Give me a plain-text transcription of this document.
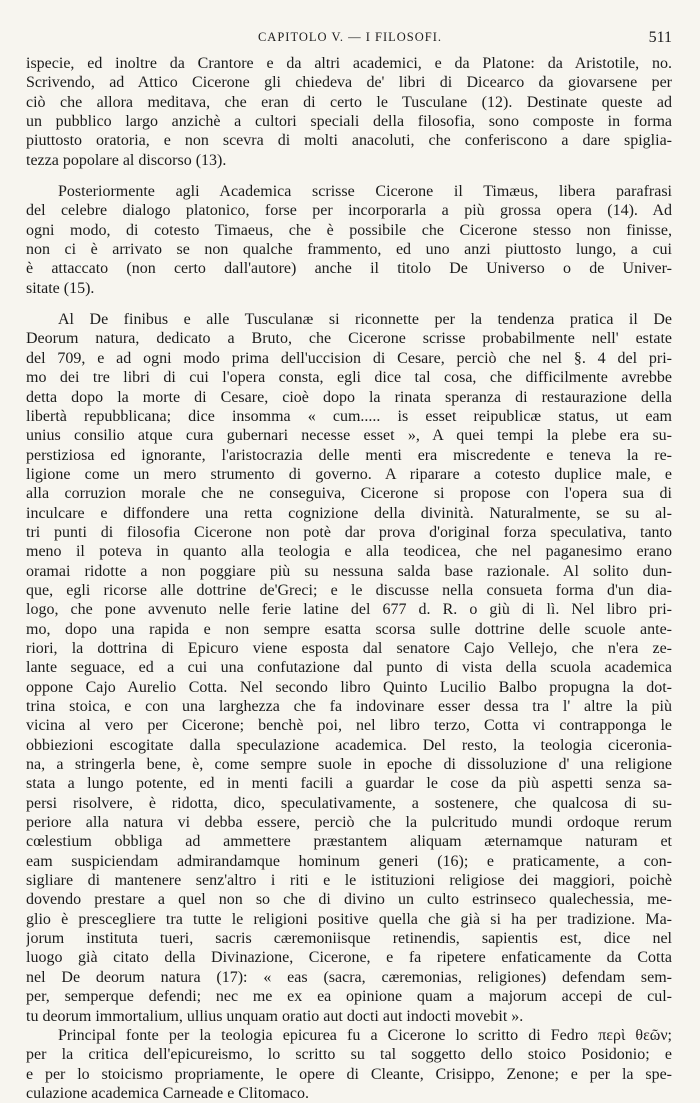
CAPITOLO V. — I FILOSOFI.	511
ispecie, ed inoltre da Crantore e da altri academici, e da Platone: da Aristotile, no.
Scrivendo, ad Attico Cicerone gli chiedeva de' libri di Dicearco da giovarsene per
ciò che allora meditava, che eran di certo le Tusculane (12). Destinate queste ad
un pubblico largo anzichè a cultori speciali della filosofia, sono composte in forma
piuttosto oratoria, e non scevra di molti anacoluti, che conferiscono a dare spiglia-
tezza popolare al discorso (13).
Posteriormente agli Academica scrisse Cicerone il Timæus, libera parafrasi
del celebre dialogo platonico, forse per incorporarla a più grossa opera (14). Ad
ogni modo, di cotesto Timaeus, che è possibile che Cicerone stesso non finisse,
non ci è arrivato se non qualche frammento, ed uno anzi piuttosto lungo, a cui
è attaccato (non certo dall'autore) anche il titolo De Universo o de Univer-
sitate (15).
Al De finibus e alle Tusculanæ si riconnette per la tendenza pratica il De
Deorum natura, dedicato a Bruto, che Cicerone scrisse probabilmente nell' estate
del 709, e ad ogni modo prima dell'uccision di Cesare, perciò che nel §. 4 del pri-
mo dei tre libri di cui l'opera consta, egli dice tal cosa, che difficilmente avrebbe
detta dopo la morte di Cesare, cioè dopo la rinata speranza di restaurazione della
libertà repubblicana; dice insomma « cum..... is esset reipublicæ status, ut eam
unius consilio atque cura gubernari necesse esset », A quei tempi la plebe era su-
perstiziosa ed ignorante, l'aristocrazia delle menti era miscredente e teneva la re-
ligione come un mero strumento di governo. A riparare a cotesto duplice male, e
alla corruzion morale che ne conseguiva, Cicerone si propose con l'opera sua di
inculcare e diffondere una retta cognizione della divinità. Naturalmente, se su al-
tri punti di filosofia Cicerone non potè dar prova d'original forza speculativa, tanto
meno il poteva in quanto alla teologia e alla teodicea, che nel paganesimo erano
oramai ridotte a non poggiare più su nessuna salda base razionale. Al solito dun-
que, egli ricorse alle dottrine de'Greci; e le discusse nella consueta forma d'un dia-
logo, che pone avvenuto nelle ferie latine del 677 d. R. o giù di lì. Nel libro pri-
mo, dopo una rapida e non sempre esatta scorsa sulle dottrine delle scuole ante-
riori, la dottrina di Epicuro viene esposta dal senatore Cajo Vellejo, che n'era ze-
lante seguace, ed a cui una confutazione dal punto di vista della scuola academica
oppone Cajo Aurelio Cotta. Nel secondo libro Quinto Lucilio Balbo propugna la dot-
trina stoica, e con una larghezza che fa indovinare esser dessa tra l' altre la più
vicina al vero per Cicerone; benchè poi, nel libro terzo, Cotta vi contrapponga le
obbiezioni escogitate dalla speculazione academica. Del resto, la teologia ciceronia-
na, a stringerla bene, è, come sempre suole in epoche di dissoluzione d' una religione
stata a lungo potente, ed in menti facili a guardar le cose da più aspetti senza sa-
persi risolvere, è ridotta, dico, speculativamente, a sostenere, che qualcosa di su-
periore alla natura vi debba essere, perciò che la pulcritudo mundi ordoque rerum
cœlestium obbliga ad ammettere præstantem aliquam æternamque naturam et
eam suspiciendam admirandamque hominum generi (16); e praticamente, a con-
sigliare di mantenere senz'altro i riti e le istituzioni religiose dei maggiori, poichè
dovendo prestare a quel non so che di divino un culto estrinseco qualechessia, me-
glio è prescegliere tra tutte le religioni positive quella che già si ha per tradizione. Ma-
jorum instituta tueri, sacris cæremoniisque retinendis, sapientis est, dice nel
luogo già citato della Divinazione, Cicerone, e fa ripetere enfaticamente da Cotta
nel De deorum natura (17): « eas (sacra, cæremonias, religiones) defendam sem-
per, semperque defendi; nec me ex ea opinione quam a majorum accepi de cul-
tu deorum immortalium, ullius unquam oratio aut docti aut indocti movebit ».
Principal fonte per la teologia epicurea fu a Cicerone lo scritto di Fedro περὶ θεῶν;
per la critica dell'epicureismo, lo scritto su tal soggetto dello stoico Posidonio; e
e per lo stoicismo propriamente, le opere di Cleante, Crisippo, Zenone; e per la spe-
culazione academica Carneade e Clitomaco.
